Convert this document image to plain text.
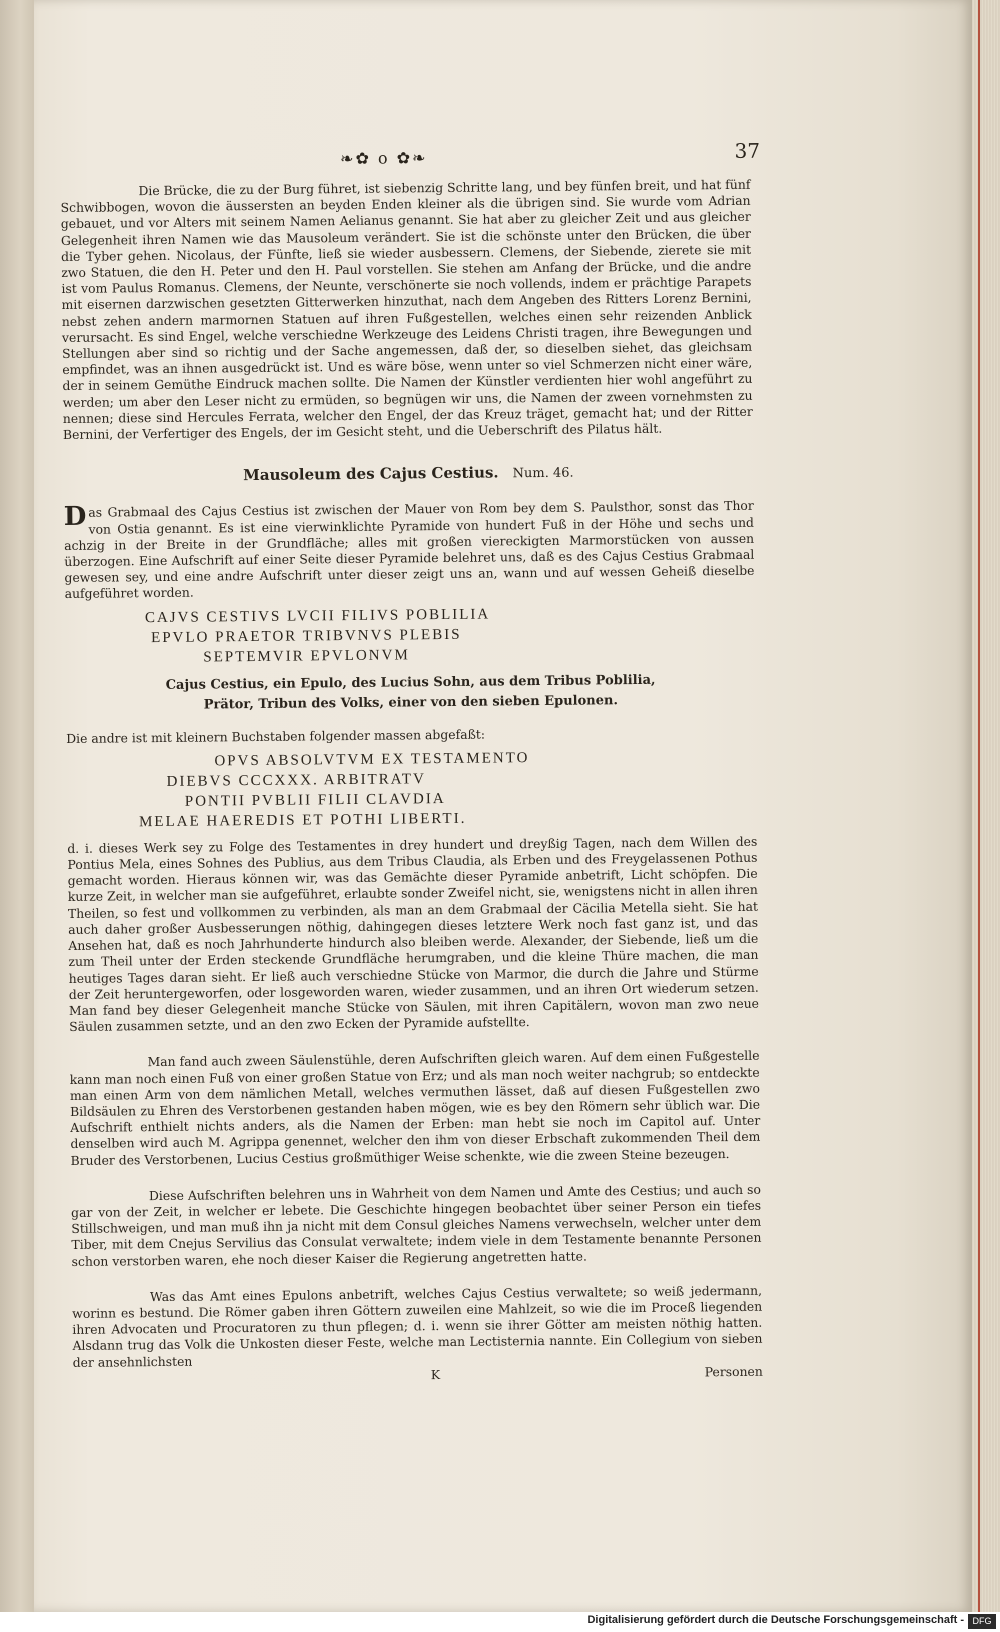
❧✿ o ✿❧	37

Die Brücke, die zu der Burg führet, ist siebenzig Schritte lang, und bey fünfen breit, und hat fünf Schwibbogen, wovon die äussersten an beyden Enden kleiner als die übrigen sind. Sie wurde vom Adrian gebauet, und vor Alters mit seinem Namen Aelianus genannt. Sie hat aber zu gleicher Zeit und aus gleicher Gelegenheit ihren Namen wie das Mausoleum verändert. Sie ist die schönste unter den Brücken, die über die Tyber gehen. Nicolaus, der Fünfte, ließ sie wieder ausbessern. Clemens, der Siebende, zierete sie mit zwo Statuen, die den H. Peter und den H. Paul vorstellen. Sie stehen am Anfang der Brücke, und die andre ist vom Paulus Romanus. Clemens, der Neunte, verschönerte sie noch vollends, indem er prächtige Parapets mit eisernen darzwischen gesetzten Gitterwerken hinzuthat, nach dem Angeben des Ritters Lorenz Bernini, nebst zehen andern marmornen Statuen auf ihren Fußgestellen, welches einen sehr reizenden Anblick verursacht. Es sind Engel, welche verschiedne Werkzeuge des Leidens Christi tragen, ihre Bewegungen und Stellungen aber sind so richtig und der Sache angemessen, daß der, so dieselben siehet, das gleichsam empfindet, was an ihnen ausgedrückt ist. Und es wäre böse, wenn unter so viel Schmerzen nicht einer wäre, der in seinem Gemüthe Eindruck machen sollte. Die Namen der Künstler verdienten hier wohl angeführt zu werden; um aber den Leser nicht zu ermüden, so begnügen wir uns, die Namen der zween vornehmsten zu nennen; diese sind Hercules Ferrata, welcher den Engel, der das Kreuz träget, gemacht hat; und der Ritter Bernini, der Verfertiger des Engels, der im Gesicht steht, und die Ueberschrift des Pilatus hält.

Mausoleum des Cajus Cestius. Num. 46.

Das Grabmaal des Cajus Cestius ist zwischen der Mauer von Rom bey dem S. Paulsthor, sonst das Thor von Ostia genannt. Es ist eine vierwinklichte Pyramide von hundert Fuß in der Höhe und sechs und achzig in der Breite in der Grundfläche; alles mit großen viereckigten Marmorstücken von aussen überzogen. Eine Aufschrift auf einer Seite dieser Pyramide belehret uns, daß es des Cajus Cestius Grabmaal gewesen sey, und eine andre Aufschrift unter dieser zeigt uns an, wann und auf wessen Geheiß dieselbe aufgeführet worden.

CAJVS CESTIVS LVCII FILIVS POBLILIA
EPVLO PRAETOR TRIBVNVS PLEBIS
SEPTEMVIR EPVLONVM
Cajus Cestius, ein Epulo, des Lucius Sohn, aus dem Tribus Poblilia,
Prätor, Tribun des Volks, einer von den sieben Epulonen.

Die andre ist mit kleinern Buchstaben folgender massen abgefaßt:

OPVS ABSOLVTVM EX TESTAMENTO
DIEBVS CCCXXX. ARBITRATV
PONTII PVBLII FILII CLAVDIA
MELAE HAEREDIS ET POTHI LIBERTI.

d. i. dieses Werk sey zu Folge des Testamentes in drey hundert und dreyßig Tagen, nach dem Willen des Pontius Mela, eines Sohnes des Publius, aus dem Tribus Claudia, als Erben und des Freygelassenen Pothus gemacht worden. Hieraus können wir, was das Gemächte dieser Pyramide anbetrift, Licht schöpfen. Die kurze Zeit, in welcher man sie aufgeführet, erlaubte sonder Zweifel nicht, sie, wenigstens nicht in allen ihren Theilen, so fest und vollkommen zu verbinden, als man an dem Grabmaal der Cäcilia Metella sieht. Sie hat auch daher großer Ausbesserungen nöthig, dahingegen dieses letztere Werk noch fast ganz ist, und das Ansehen hat, daß es noch Jahrhunderte hindurch also bleiben werde. Alexander, der Siebende, ließ um die zum Theil unter der Erden steckende Grundfläche herumgraben, und die kleine Thüre machen, die man heutiges Tages daran sieht. Er ließ auch verschiedne Stücke von Marmor, die durch die Jahre und Stürme der Zeit heruntergeworfen, oder losgeworden waren, wieder zusammen, und an ihren Ort wiederum setzen. Man fand bey dieser Gelegenheit manche Stücke von Säulen, mit ihren Capitälern, wovon man zwo neue Säulen zusammen setzte, und an den zwo Ecken der Pyramide aufstellte.

Man fand auch zween Säulenstühle, deren Aufschriften gleich waren. Auf dem einen Fußgestelle kann man noch einen Fuß von einer großen Statue von Erz; und als man noch weiter nachgrub; so entdeckte man einen Arm von dem nämlichen Metall, welches vermuthen lässet, daß auf diesen Fußgestellen zwo Bildsäulen zu Ehren des Verstorbenen gestanden haben mögen, wie es bey den Römern sehr üblich war. Die Aufschrift enthielt nichts anders, als die Namen der Erben: man hebt sie noch im Capitol auf. Unter denselben wird auch M. Agrippa genennet, welcher den ihm von dieser Erbschaft zukommenden Theil dem Bruder des Verstorbenen, Lucius Cestius großmüthiger Weise schenkte, wie die zween Steine bezeugen.

Diese Aufschriften belehren uns in Wahrheit von dem Namen und Amte des Cestius; und auch so gar von der Zeit, in welcher er lebete. Die Geschichte hingegen beobachtet über seiner Person ein tiefes Stillschweigen, und man muß ihn ja nicht mit dem Consul gleiches Namens verwechseln, welcher unter dem Tiber, mit dem Cnejus Servilius das Consulat verwaltete; indem viele in dem Testamente benannte Personen schon verstorben waren, ehe noch dieser Kaiser die Regierung angetretten hatte.

Was das Amt eines Epulons anbetrift, welches Cajus Cestius verwaltete; so weiß jedermann, worinn es bestund. Die Römer gaben ihren Göttern zuweilen eine Mahlzeit, so wie die im Proceß liegenden ihren Advocaten und Procuratoren zu thun pflegen; d. i. wenn sie ihrer Götter am meisten nöthig hatten. Alsdann trug das Volk die Unkosten dieser Feste, welche man Lectisternia nannte. Ein Collegium von sieben der ansehnlichsten

K	Personen
Digitalisierung gefördert durch die Deutsche Forschungsgemeinschaft - DFG
